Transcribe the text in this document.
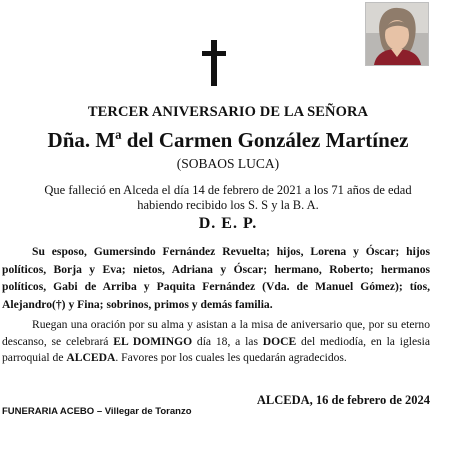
TERCER ANIVERSARIO DE LA SEÑORA
Dña. Mª del Carmen González Martínez
(SOBAOS LUCA)
Que falleció en Alceda el día 14 de febrero de 2021 a los 71 años de edad
habiendo recibido los S. S y la B. A.
D. E. P.
Su esposo, Gumersindo Fernández Revuelta; hijos, Lorena y Óscar; hijos políticos, Borja y Eva; nietos, Adriana y Óscar; hermano, Roberto; hermanos políticos, Gabi de Arriba y Paquita Fernández (Vda. de Manuel Gómez); tíos, Alejandro(†) y Fina; sobrinos, primos y demás familia.
Ruegan una oración por su alma y asistan a la misa de aniversario que, por su eterno descanso, se celebrará EL DOMINGO día 18, a las DOCE del mediodía, en la iglesia parroquial de ALCEDA. Favores por los cuales les quedarán agradecidos.
ALCEDA, 16 de febrero de 2024
FUNERARIA ACEBO – Villegar de Toranzo
